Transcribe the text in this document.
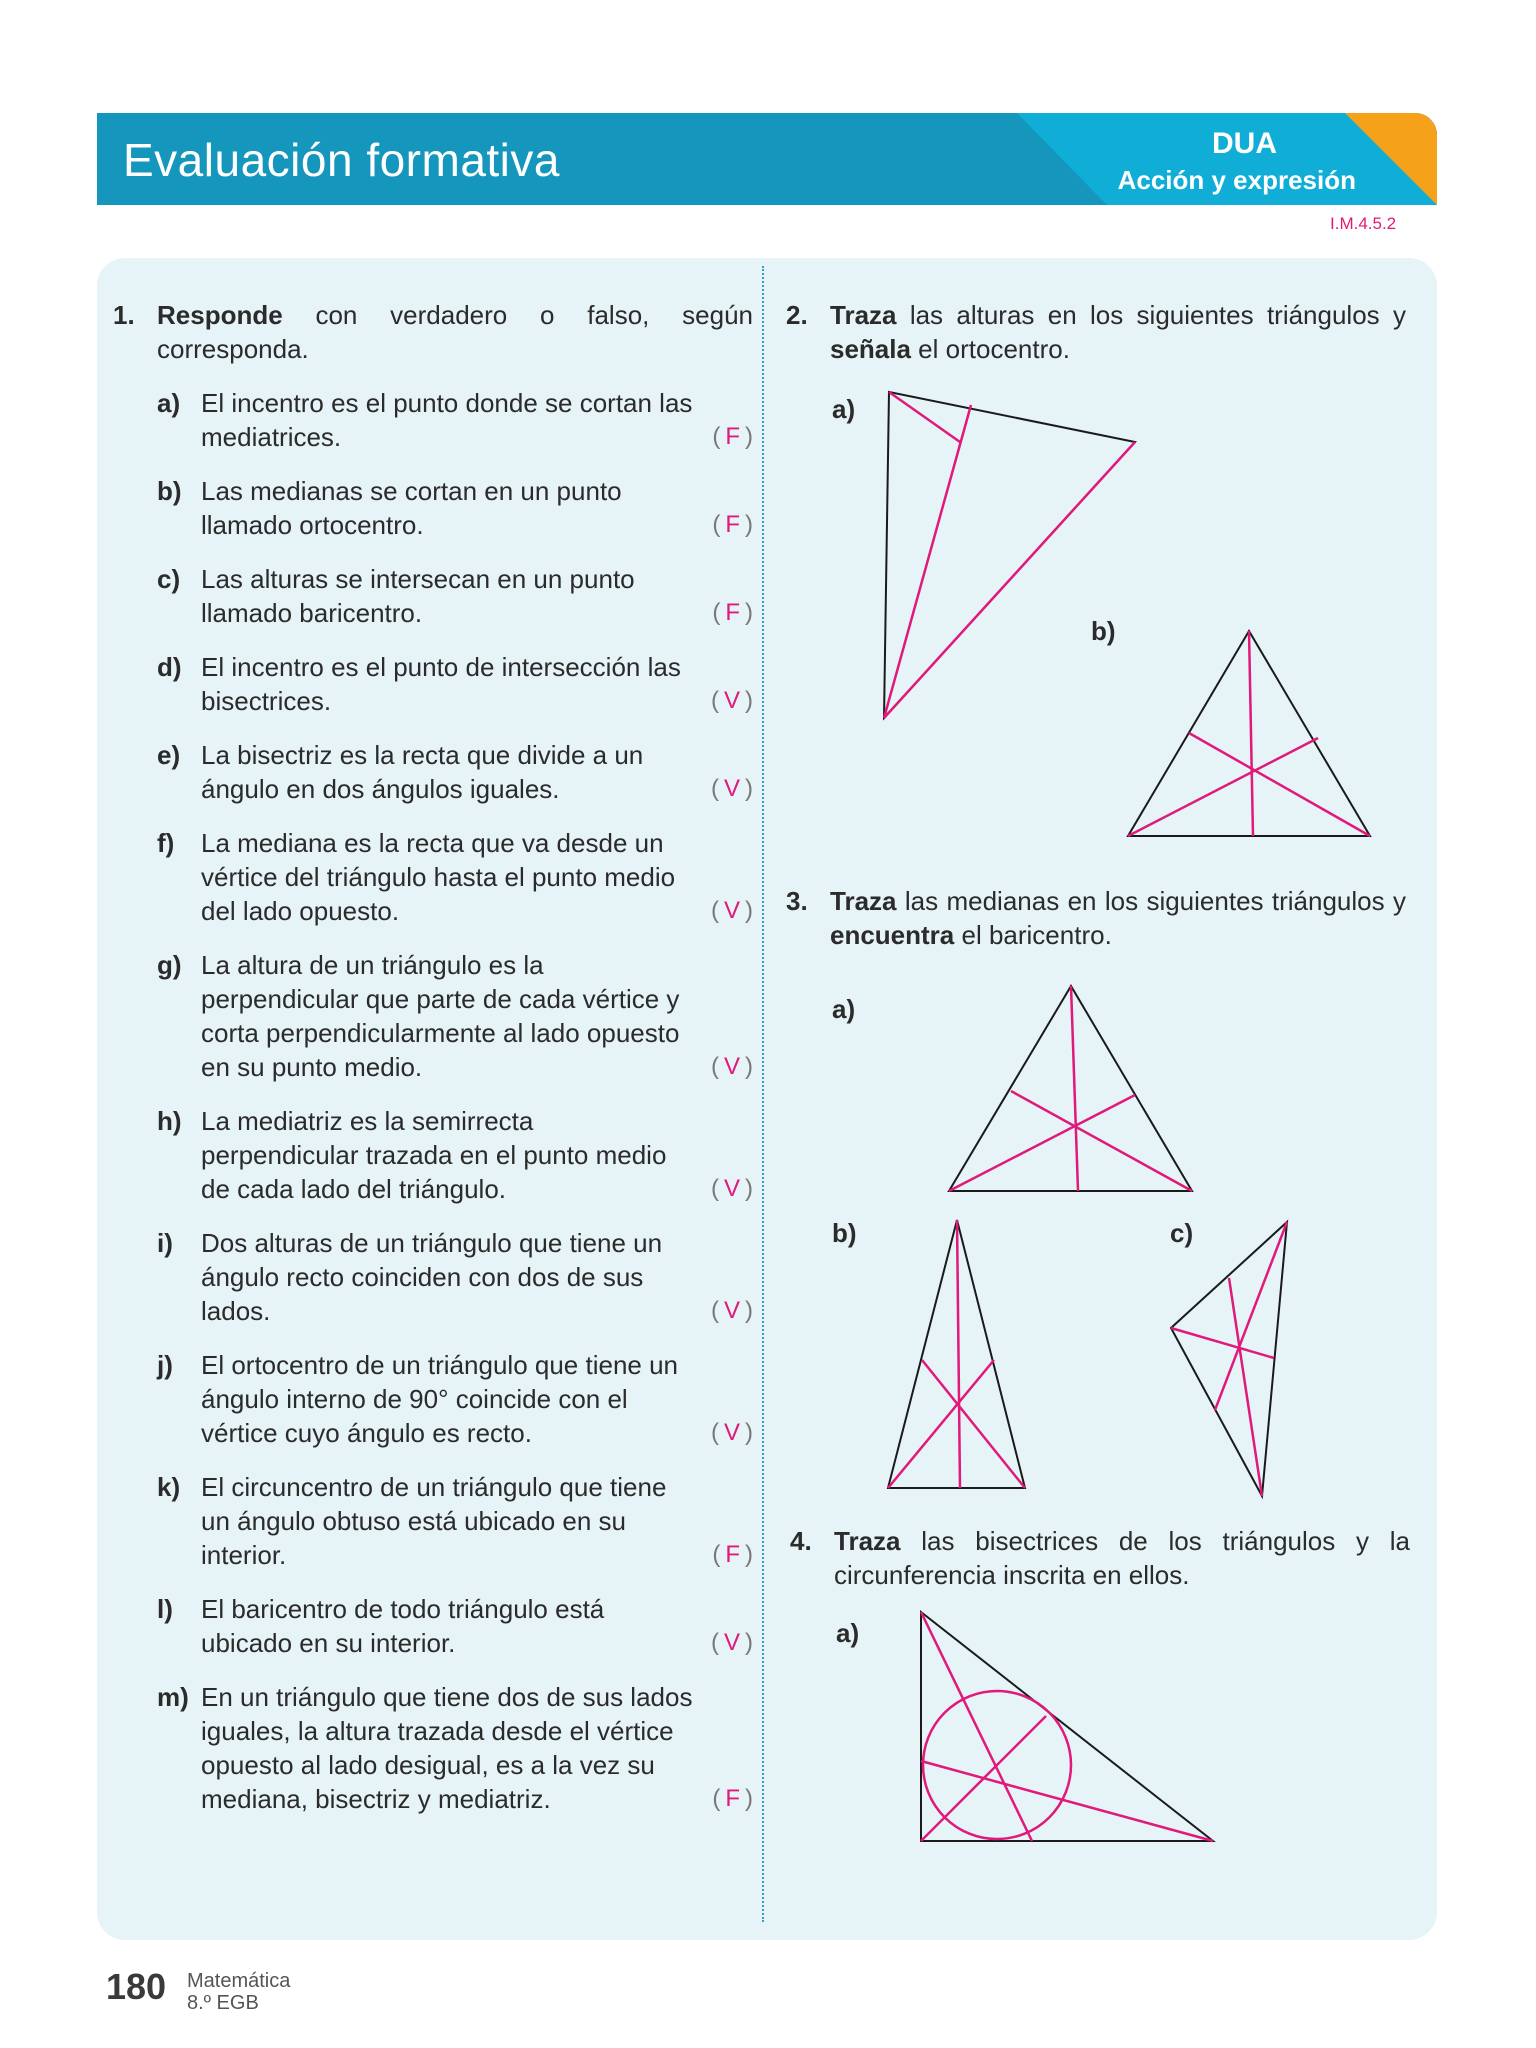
Evaluación formativa	DUA
Acción y expresión
I.M.4.5.2
1. Responde con verdadero o falso, según corresponda.
a) El incentro es el punto donde se cortan las mediatrices.	( F )
b) Las medianas se cortan en un punto llamado ortocentro.	( F )
c) Las alturas se intersecan en un punto llamado baricentro.	( F )
d) El incentro es el punto de intersección las bisectrices.	( V )
e) La bisectriz es la recta que divide a un ángulo en dos ángulos iguales.	( V )
f)	La mediana es la recta que va desde un vértice del triángulo hasta el punto medio del lado opuesto.	( V )
g) La altura de un triángulo es la perpendicular que parte de cada vértice y corta perpendicularmente al lado opuesto en su punto medio.	( V )
h) La mediatriz es la semirrecta perpendicular trazada en el punto medio de cada lado del triángulo.	( V )
i)	Dos alturas de un triángulo que tiene un ángulo recto coinciden con dos de sus lados.	( V )
j)	El ortocentro de un triángulo que tiene un ángulo interno de 90° coincide con el vértice cuyo ángulo es recto.	( V )
k) El circuncentro de un triángulo que tiene un ángulo obtuso está ubicado en su interior.	( F )
l)	El baricentro de todo triángulo está ubicado en su interior.	( V )
m) En un triángulo que tiene dos de sus lados iguales, la altura trazada desde el vértice opuesto al lado desigual, es a la vez su mediana, bisectriz y mediatriz.	( F )
2. Traza las alturas en los siguientes triángulos y señala el ortocentro.
a)
b)
3. Traza las medianas en los siguientes triángulos y encuentra el baricentro.
a)
b)	c)
4. Traza las bisectrices de los triángulos y la circunferencia inscrita en ellos.
a)
180 Matemática
8.º EGB
